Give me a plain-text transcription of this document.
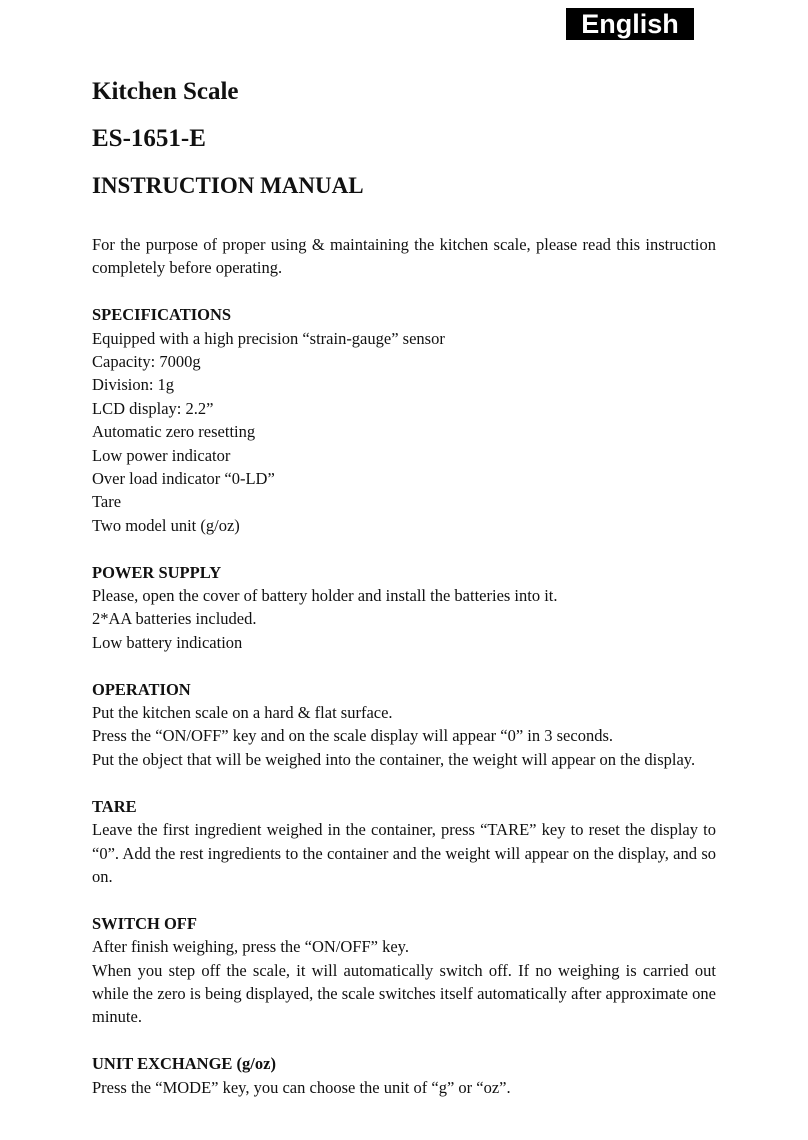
English
Kitchen Scale
ES-1651-E
INSTRUCTION MANUAL

For the purpose of proper using & maintaining the kitchen scale, please read this instruction completely before operating.

SPECIFICATIONS

Equipped with a high precision “strain-gauge” sensor

Capacity: 7000g

Division: 1g

LCD display: 2.2”

Automatic zero resetting

Low power indicator

Over load indicator “0-LD”

Tare

Two model unit (g/oz)

POWER SUPPLY

Please, open the cover of battery holder and install the batteries into it.

2*AA batteries included.

Low battery indication

OPERATION

Put the kitchen scale on a hard & flat surface.

Press the “ON/OFF” key and on the scale display will appear “0” in 3 seconds.

Put the object that will be weighed into the container, the weight will appear on the display.

TARE

Leave the first ingredient weighed in the container, press “TARE” key to reset the display to “0”. Add the rest ingredients to the container and the weight will appear on the display, and so on.

SWITCH OFF

After finish weighing, press the “ON/OFF” key.

When you step off the scale, it will automatically switch off. If no weighing is carried out while the zero is being displayed, the scale switches itself automatically after approximate one minute.

UNIT EXCHANGE (g/oz)

Press the “MODE” key, you can choose the unit of “g” or “oz”.
